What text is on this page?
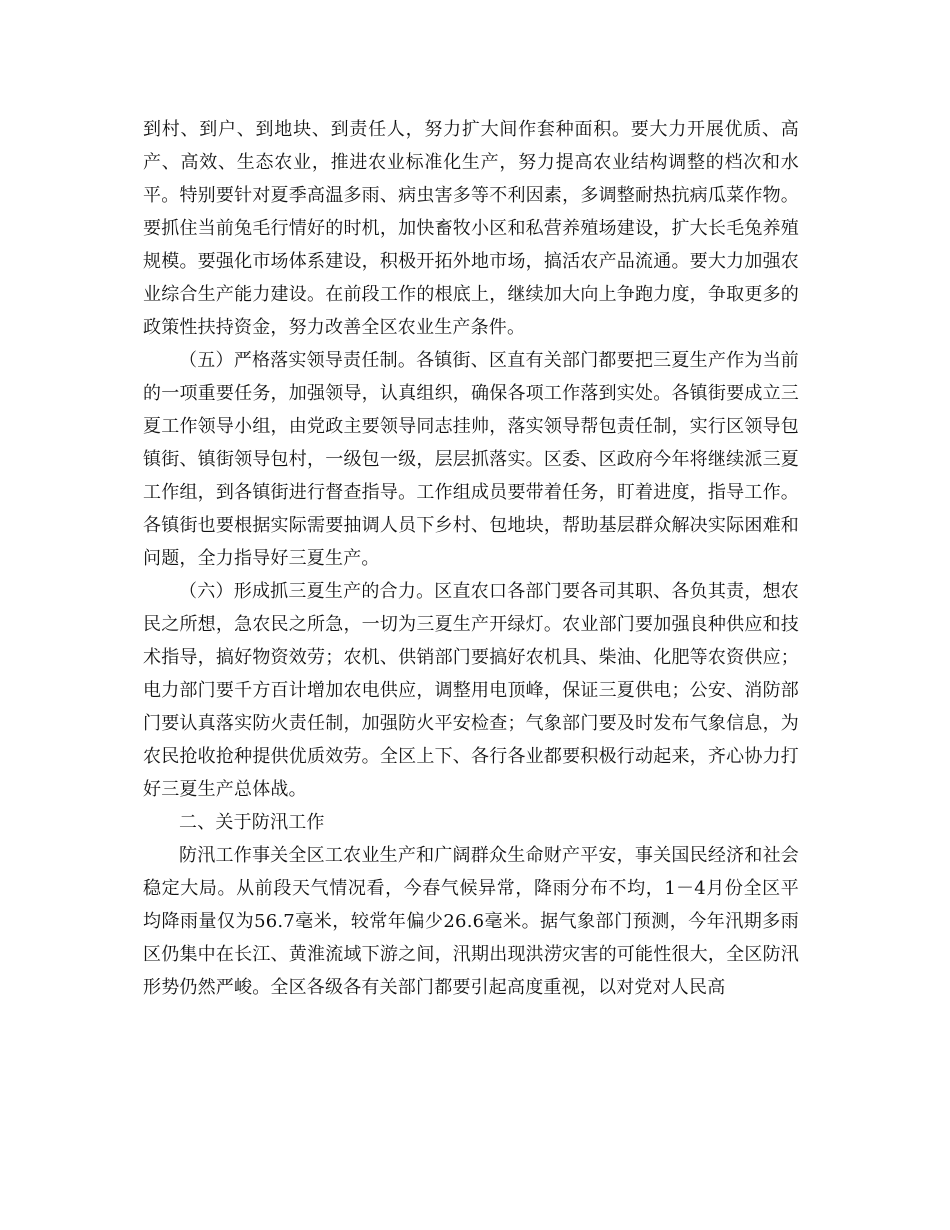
到村、到户、到地块、到责任人，努力扩大间作套种面积。要大力开展优质、高产、高效、生态农业，推进农业标准化生产，努力提高农业结构调整的档次和水平。特别要针对夏季高温多雨、病虫害多等不利因素，多调整耐热抗病瓜菜作物。要抓住当前兔毛行情好的时机，加快畜牧小区和私营养殖场建设，扩大长毛兔养殖规模。要强化市场体系建设，积极开拓外地市场，搞活农产品流通。要大力加强农业综合生产能力建设。在前段工作的根底上，继续加大向上争跑力度，争取更多的政策性扶持资金，努力改善全区农业生产条件。

（五）严格落实领导责任制。各镇街、区直有关部门都要把三夏生产作为当前的一项重要任务，加强领导，认真组织，确保各项工作落到实处。各镇街要成立三夏工作领导小组，由党政主要领导同志挂帅，落实领导帮包责任制，实行区领导包镇街、镇街领导包村，一级包一级，层层抓落实。区委、区政府今年将继续派三夏工作组，到各镇街进行督查指导。工作组成员要带着任务，盯着进度，指导工作。各镇街也要根据实际需要抽调人员下乡村、包地块，帮助基层群众解决实际困难和问题，全力指导好三夏生产。

（六）形成抓三夏生产的合力。区直农口各部门要各司其职、各负其责，想农民之所想，急农民之所急，一切为三夏生产开绿灯。农业部门要加强良种供应和技术指导，搞好物资效劳；农机、供销部门要搞好农机具、柴油、化肥等农资供应；电力部门要千方百计增加农电供应，调整用电顶峰，保证三夏供电；公安、消防部门要认真落实防火责任制，加强防火平安检查；气象部门要及时发布气象信息，为农民抢收抢种提供优质效劳。全区上下、各行各业都要积极行动起来，齐心协力打好三夏生产总体战。

二、关于防汛工作

防汛工作事关全区工农业生产和广阔群众生命财产平安，事关国民经济和社会稳定大局。从前段天气情况看，今春气候异常，降雨分布不均，1－4月份全区平均降雨量仅为56.7毫米，较常年偏少26.6毫米。据气象部门预测，今年汛期多雨区仍集中在长江、黄淮流域下游之间，汛期出现洪涝灾害的可能性很大，全区防汛形势仍然严峻。全区各级各有关部门都要引起高度重视，以对党对人民高
